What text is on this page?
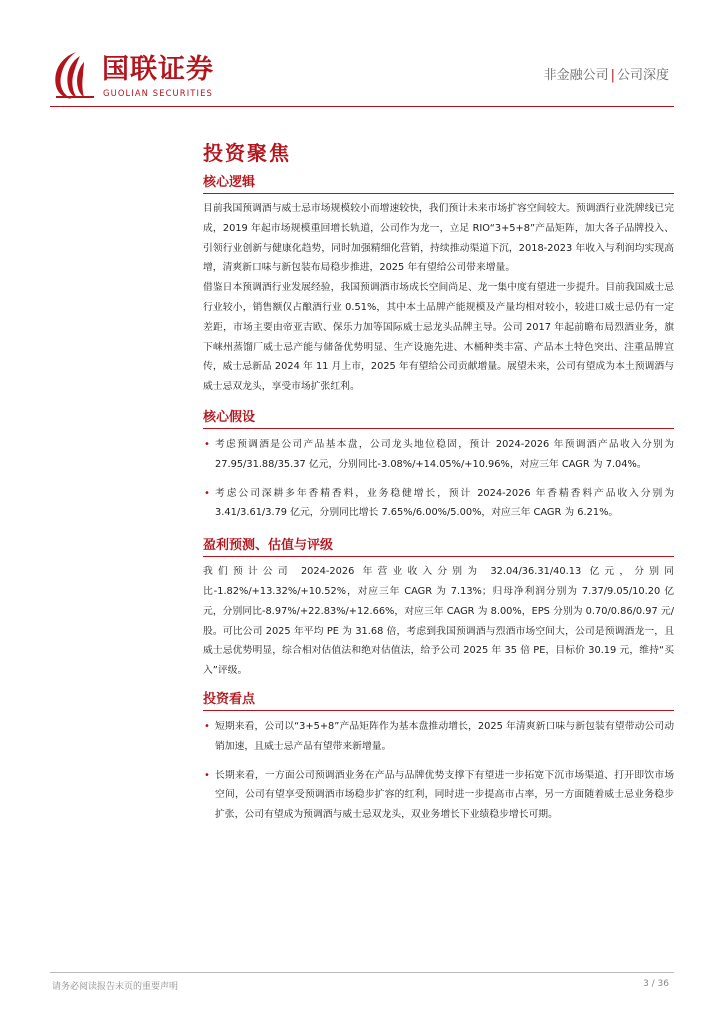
国联证券
GUOLIAN SECURITIES
非金融公司 | 公司深度
投资聚焦
核心逻辑

目前我国预调酒与威士忌市场规模较小而增速较快，我们预计未来市场扩容空间较大。预调酒行业洗牌线已完成，2019 年起市场规模重回增长轨道，公司作为龙一，立足 RIO“3+5+8”产品矩阵，加大各子品牌投入、引领行业创新与健康化趋势，同时加强精细化营销，持续推动渠道下沉，2018-2023 年收入与利润均实现高增，清爽新口味与新包装布局稳步推进，2025 年有望给公司带来增量。

借鉴日本预调酒行业发展经验，我国预调酒市场成长空间尚足、龙一集中度有望进一步提升。目前我国威士忌行业较小，销售额仅占酿酒行业 0.51%，其中本土品牌产能规模及产量均相对较小，较进口威士忌仍有一定差距，市场主要由帝亚吉欧、保乐力加等国际威士忌龙头品牌主导。公司 2017 年起前瞻布局烈酒业务，旗下崃州蒸馏厂威士忌产能与储备优势明显、生产设施先进、木桶种类丰富、产品本土特色突出、注重品牌宣传，威士忌新品 2024 年 11 月上市，2025 年有望给公司贡献增量。展望未来，公司有望成为本土预调酒与威士忌双龙头，享受市场扩张红利。

核心假设
• 考虑预调酒是公司产品基本盘，公司龙头地位稳固，预计 2024-2026 年预调酒产品收入分别为 27.95/31.88/35.37 亿元，分别同比-3.08%/+14.05%/+10.96%，对应三年 CAGR 为 7.04%。
• 考虑公司深耕多年香精香料，业务稳健增长，预计 2024-2026 年香精香料产品收入分别为 3.41/3.61/3.79 亿元，分别同比增长 7.65%/6.00%/5.00%，对应三年 CAGR 为 6.21%。
盈利预测、估值与评级

我们预计公司 2024-2026 年营业收入分别为 32.04/36.31/40.13 亿元，分别同比-1.82%/+13.32%/+10.52%，对应三年 CAGR 为 7.13%；归母净利润分别为 7.37/9.05/10.20 亿元，分别同比-8.97%/+22.83%/+12.66%，对应三年 CAGR 为 8.00%，EPS 分别为 0.70/0.86/0.97 元/股。可比公司 2025 年平均 PE 为 31.68 倍，考虑到我国预调酒与烈酒市场空间大，公司是预调酒龙一，且威士忌优势明显，综合相对估值法和绝对估值法，给予公司 2025 年 35 倍 PE，目标价 30.19 元，维持“买入”评级。

投资看点
• 短期来看，公司以“3+5+8”产品矩阵作为基本盘推动增长，2025 年清爽新口味与新包装有望带动公司动销加速，且威士忌产品有望带来新增量。
• 长期来看，一方面公司预调酒业务在产品与品牌优势支撑下有望进一步拓宽下沉市场渠道、打开即饮市场空间，公司有望享受预调酒市场稳步扩容的红利，同时进一步提高市占率，另一方面随着威士忌业务稳步扩张，公司有望成为预调酒与威士忌双龙头，双业务增长下业绩稳步增长可期。
请务必阅读报告末页的重要声明	3 / 36
